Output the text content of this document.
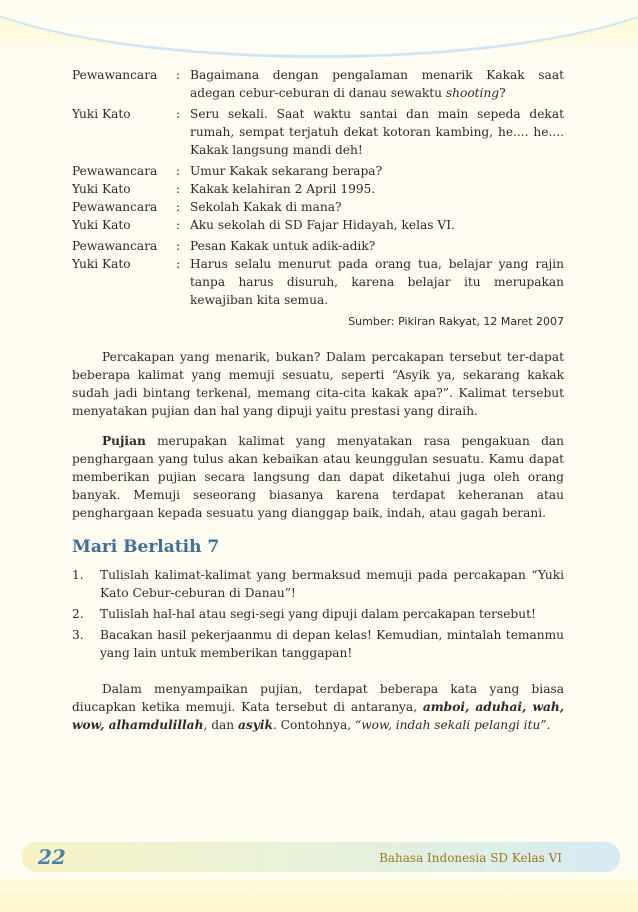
Pewawancara	: Bagaimana dengan pengalaman menarik Kakak saat adegan cebur-ceburan di danau sewaktu shooting?
Yuki Kato	: Seru sekali. Saat waktu santai dan main sepeda dekat rumah, sempat terjatuh dekat kotoran kambing, he.... he.... Kakak langsung mandi deh!
Pewawancara	: Umur Kakak sekarang berapa?
Yuki Kato	: Kakak kelahiran 2 April 1995.
Pewawancara	: Sekolah Kakak di mana?
Yuki Kato	: Aku sekolah di SD Fajar Hidayah, kelas VI.
Pewawancara	: Pesan Kakak untuk adik-adik?
Yuki Kato	: Harus selalu menurut pada orang tua, belajar yang rajin tanpa harus disuruh, karena belajar itu merupakan kewajiban kita semua.
Sumber: Pikiran Rakyat, 12 Maret 2007

Percakapan yang menarik, bukan? Dalam percakapan tersebut ter-dapat beberapa kalimat yang memuji sesuatu, seperti “Asyik ya, sekarang kakak sudah jadi bintang terkenal, memang cita-cita kakak apa?”. Kalimat tersebut menyatakan pujian dan hal yang dipuji yaitu prestasi yang diraih.

Pujian merupakan kalimat yang menyatakan rasa pengakuan dan penghargaan yang tulus akan kebaikan atau keunggulan sesuatu. Kamu dapat memberikan pujian secara langsung dan dapat diketahui juga oleh orang banyak. Memuji seseorang biasanya karena terdapat keheranan atau penghargaan kepada sesuatu yang dianggap baik, indah, atau gagah berani.

Mari Berlatih 7
1.	Tulislah kalimat-kalimat yang bermaksud memuji pada percakapan “Yuki Kato Cebur-ceburan di Danau”!
2.	Tulislah hal-hal atau segi-segi yang dipuji dalam percakapan tersebut!
3.	Bacakan hasil pekerjaanmu di depan kelas! Kemudian, mintalah temanmu yang lain untuk memberikan tanggapan!

Dalam menyampaikan pujian, terdapat beberapa kata yang biasa diucapkan ketika memuji. Kata tersebut di antaranya, amboi, aduhai, wah, wow, alhamdulillah, dan asyik. Contohnya, “wow, indah sekali pelangi itu”.

22	Bahasa Indonesia SD Kelas VI
